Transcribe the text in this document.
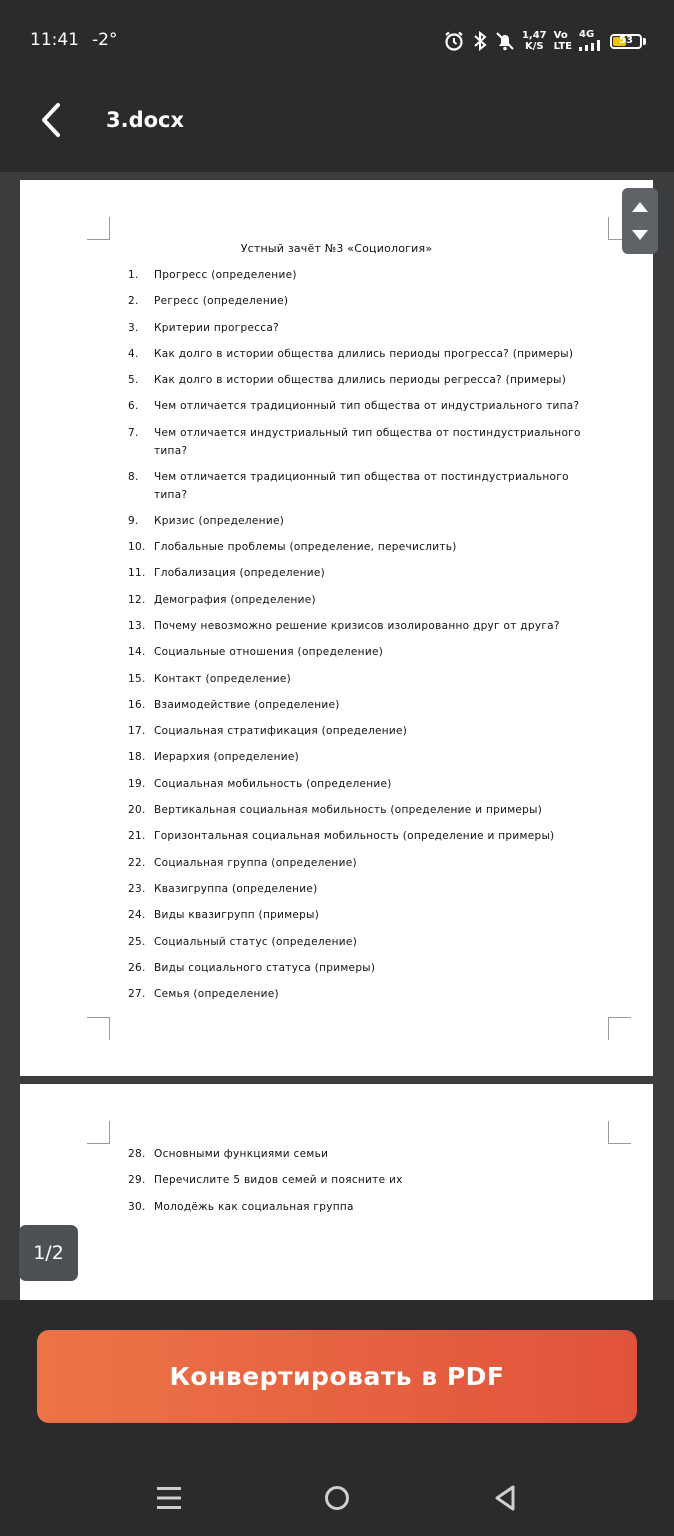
11:41 -2°	1,47
K/S
Vo
LTE
4G
53
3.docx
Устный зачёт №3 «Социология»
1.	Прогресс (определение)
2.	Регресс (определение)
3.	Критерии прогресса?
4.	Как долго в истории общества длились периоды прогресса? (примеры)
5.	Как долго в истории общества длились периоды регресса? (примеры)
6.	Чем отличается традиционный тип общества от индустриального типа?
7.	Чем отличается индустриальный тип общества от постиндустриального типа?
8.	Чем отличается традиционный тип общества от постиндустриального типа?
9.	Кризис (определение)
10. Глобальные проблемы (определение, перечислить)
11. Глобализация (определение)
12. Демография (определение)
13. Почему невозможно решение кризисов изолированно друг от друга?
14. Социальные отношения (определение)
15. Контакт (определение)
16. Взаимодействие (определение)
17. Социальная стратификация (определение)
18. Иерархия (определение)
19. Социальная мобильность (определение)
20. Вертикальная социальная мобильность (определение и примеры)
21. Горизонтальная социальная мобильность (определение и примеры)
22. Социальная группа (определение)
23. Квазигруппа (определение)
24. Виды квазигрупп (примеры)
25. Социальный статус (определение)
26. Виды социального статуса (примеры)
27. Семья (определение)
28. Основными функциями семьи
29. Перечислите 5 видов семей и поясните их
30. Молодёжь как социальная группа
1/2
Конвертировать в PDF
